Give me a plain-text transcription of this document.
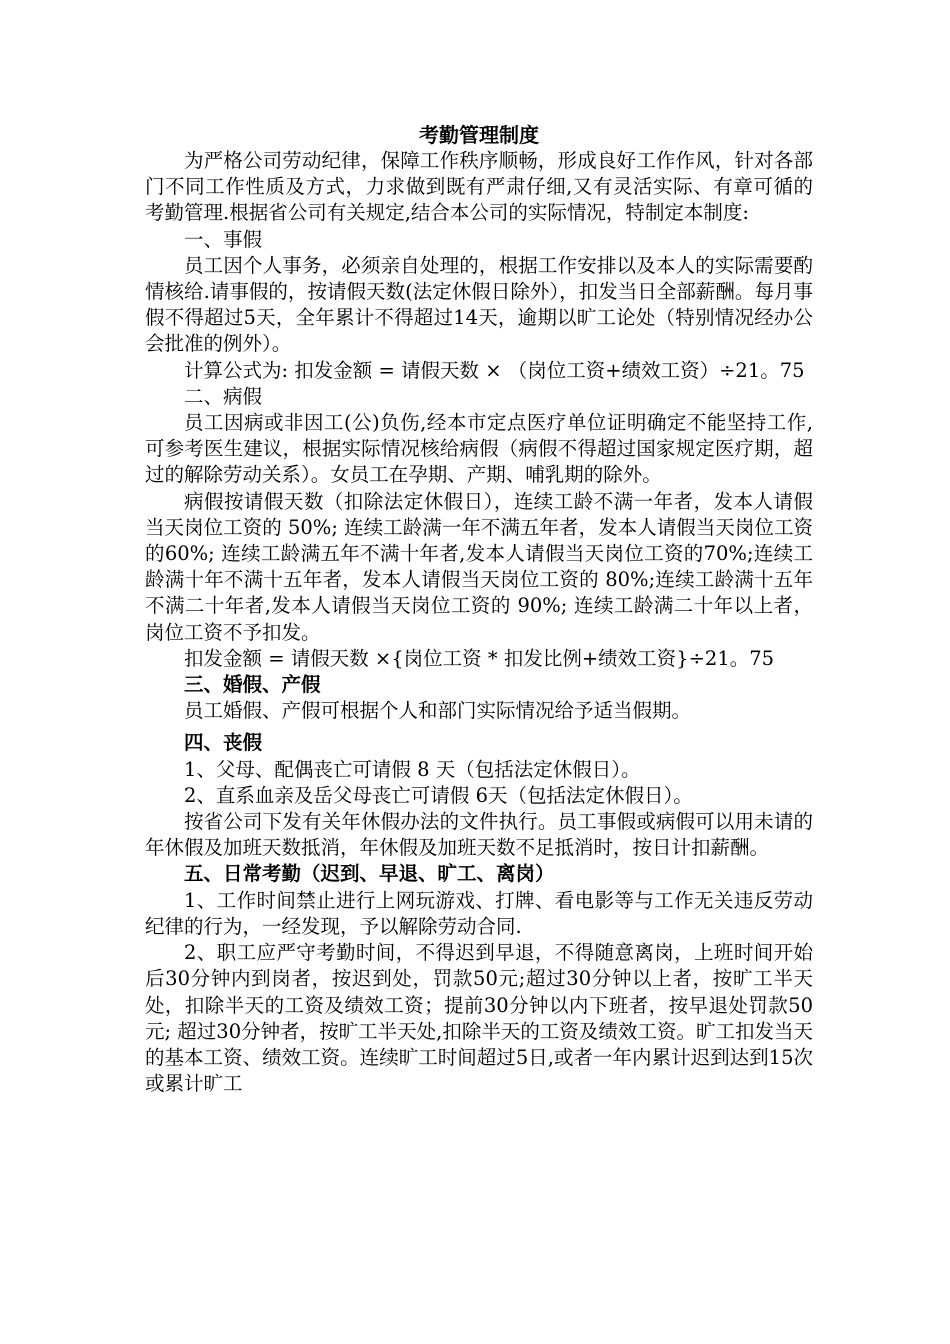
考勤管理制度

为严格公司劳动纪律，保障工作秩序顺畅，形成良好工作作风，针对各部门不同工作性质及方式，力求做到既有严肃仔细,又有灵活实际、有章可循的考勤管理.根据省公司有关规定,结合本公司的实际情况，特制定本制度:

一、事假

员工因个人事务，必须亲自处理的，根据工作安排以及本人的实际需要酌情核给.请事假的，按请假天数(法定休假日除外），扣发当日全部薪酬。每月事假不得超过5天，全年累计不得超过14天，逾期以旷工论处（特别情况经办公会批准的例外）。

计算公式为: 扣发金额 = 请假天数 × （岗位工资+绩效工资）÷21。75

二、病假

员工因病或非因工(公)负伤,经本市定点医疗单位证明确定不能坚持工作,可参考医生建议，根据实际情况核给病假（病假不得超过国家规定医疗期，超过的解除劳动关系）。女员工在孕期、产期、哺乳期的除外。

病假按请假天数（扣除法定休假日），连续工龄不满一年者，发本人请假当天岗位工资的 50%; 连续工龄满一年不满五年者，发本人请假当天岗位工资的60%; 连续工龄满五年不满十年者,发本人请假当天岗位工资的70%;连续工龄满十年不满十五年者，发本人请假当天岗位工资的 80%;连续工龄满十五年不满二十年者,发本人请假当天岗位工资的 90%; 连续工龄满二十年以上者，岗位工资不予扣发。

扣发金额 = 请假天数 ×{岗位工资 * 扣发比例+绩效工资}÷21。75

三、婚假、产假

员工婚假、产假可根据个人和部门实际情况给予适当假期。

四、丧假

1、父母、配偶丧亡可请假 8 天（包括法定休假日）。

2、直系血亲及岳父母丧亡可请假 6天（包括法定休假日）。

按省公司下发有关年休假办法的文件执行。员工事假或病假可以用未请的年休假及加班天数抵消，年休假及加班天数不足抵消时，按日计扣薪酬。

五、日常考勤（迟到、早退、旷工、离岗）

1、工作时间禁止进行上网玩游戏、打牌、看电影等与工作无关违反劳动纪律的行为，一经发现，予以解除劳动合同.

2、职工应严守考勤时间，不得迟到早退，不得随意离岗，上班时间开始后30分钟内到岗者，按迟到处，罚款50元;超过30分钟以上者，按旷工半天处，扣除半天的工资及绩效工资；提前30分钟以内下班者，按早退处罚款50元; 超过30分钟者，按旷工半天处,扣除半天的工资及绩效工资。旷工扣发当天的基本工资、绩效工资。连续旷工时间超过5日,或者一年内累计迟到达到15次或累计旷工
